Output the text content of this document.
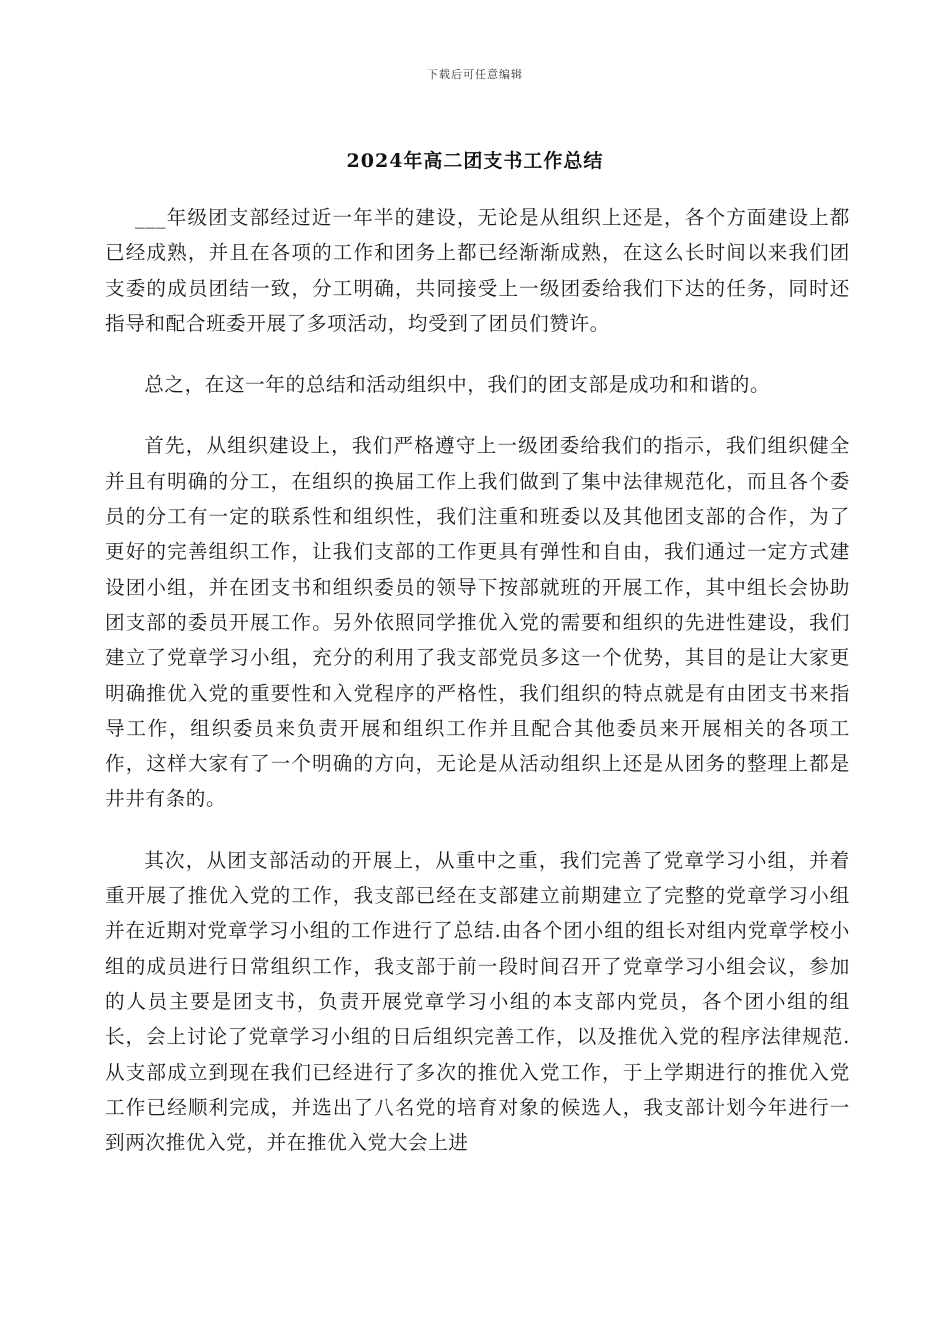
下载后可任意编辑
2024年高二团支书工作总结

___年级团支部经过近一年半的建设，无论是从组织上还是，各个方面建设上都已经成熟，并且在各项的工作和团务上都已经渐渐成熟，在这么长时间以来我们团支委的成员团结一致，分工明确，共同接受上一级团委给我们下达的任务，同时还指导和配合班委开展了多项活动，均受到了团员们赞许。

总之，在这一年的总结和活动组织中，我们的团支部是成功和和谐的。

首先，从组织建设上，我们严格遵守上一级团委给我们的指示，我们组织健全并且有明确的分工，在组织的换届工作上我们做到了集中法律规范化，而且各个委员的分工有一定的联系性和组织性，我们注重和班委以及其他团支部的合作，为了更好的完善组织工作，让我们支部的工作更具有弹性和自由，我们通过一定方式建设团小组，并在团支书和组织委员的领导下按部就班的开展工作，其中组长会协助团支部的委员开展工作。另外依照同学推优入党的需要和组织的先进性建设，我们建立了党章学习小组，充分的利用了我支部党员多这一个优势，其目的是让大家更明确推优入党的重要性和入党程序的严格性，我们组织的特点就是有由团支书来指导工作，组织委员来负责开展和组织工作并且配合其他委员来开展相关的各项工作，这样大家有了一个明确的方向，无论是从活动组织上还是从团务的整理上都是井井有条的。

其次，从团支部活动的开展上，从重中之重，我们完善了党章学习小组，并着重开展了推优入党的工作，我支部已经在支部建立前期建立了完整的党章学习小组并在近期对党章学习小组的工作进行了总结.由各个团小组的组长对组内党章学校小组的成员进行日常组织工作，我支部于前一段时间召开了党章学习小组会议，参加的人员主要是团支书，负责开展党章学习小组的本支部内党员，各个团小组的组长，会上讨论了党章学习小组的日后组织完善工作，以及推优入党的程序法律规范. 从支部成立到现在我们已经进行了多次的推优入党工作，于上学期进行的推优入党工作已经顺利完成，并选出了八名党的培育对象的候选人，我支部计划今年进行一到两次推优入党，并在推优入党大会上进
